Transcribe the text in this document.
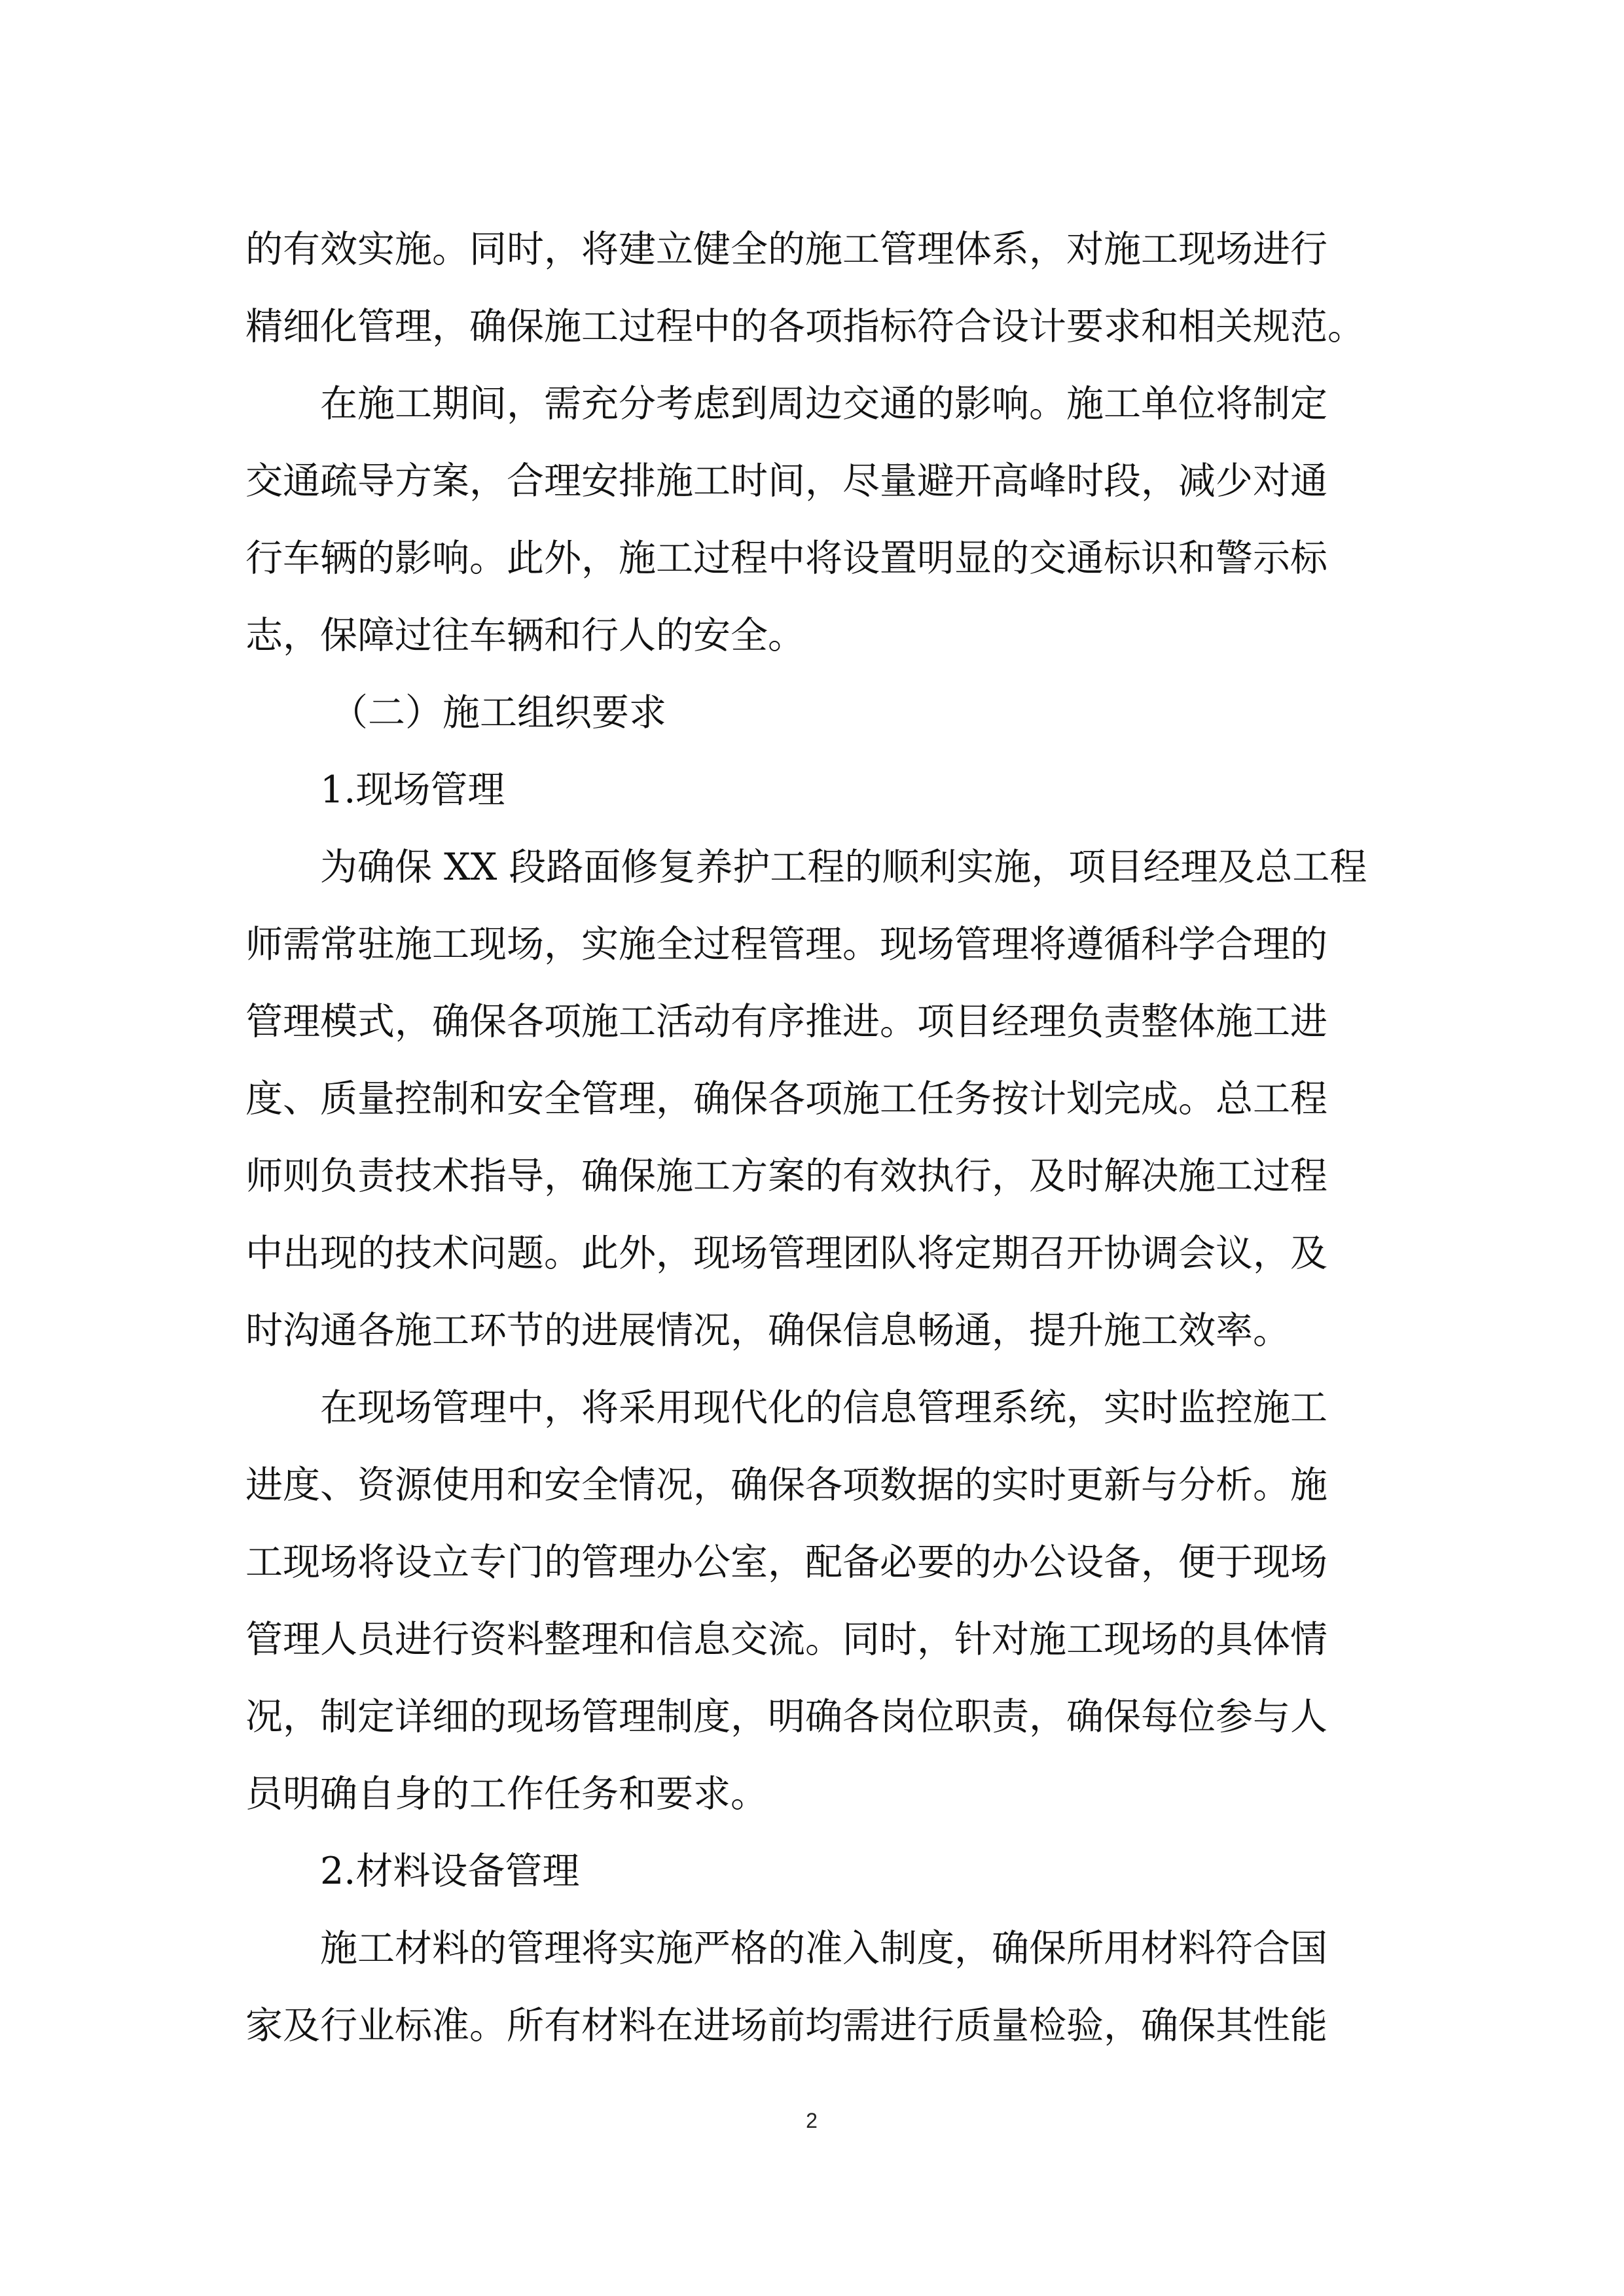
的有效实施。同时，将建立健全的施工管理体系，对施工现场进行

精细化管理，确保施工过程中的各项指标符合设计要求和相关规范。

在施工期间，需充分考虑到周边交通的影响。施工单位将制定

交通疏导方案，合理安排施工时间，尽量避开高峰时段，减少对通

行车辆的影响。此外，施工过程中将设置明显的交通标识和警示标

志，保障过往车辆和行人的安全。

（二）施工组织要求

1.现场管理

为确保 XX 段路面修复养护工程的顺利实施，项目经理及总工程

师需常驻施工现场，实施全过程管理。现场管理将遵循科学合理的

管理模式，确保各项施工活动有序推进。项目经理负责整体施工进

度、质量控制和安全管理，确保各项施工任务按计划完成。总工程

师则负责技术指导，确保施工方案的有效执行，及时解决施工过程

中出现的技术问题。此外，现场管理团队将定期召开协调会议，及

时沟通各施工环节的进展情况，确保信息畅通，提升施工效率。

在现场管理中，将采用现代化的信息管理系统，实时监控施工

进度、资源使用和安全情况，确保各项数据的实时更新与分析。施

工现场将设立专门的管理办公室，配备必要的办公设备，便于现场

管理人员进行资料整理和信息交流。同时，针对施工现场的具体情

况，制定详细的现场管理制度，明确各岗位职责，确保每位参与人

员明确自身的工作任务和要求。

2.材料设备管理

施工材料的管理将实施严格的准入制度，确保所用材料符合国

家及行业标准。所有材料在进场前均需进行质量检验，确保其性能

2
